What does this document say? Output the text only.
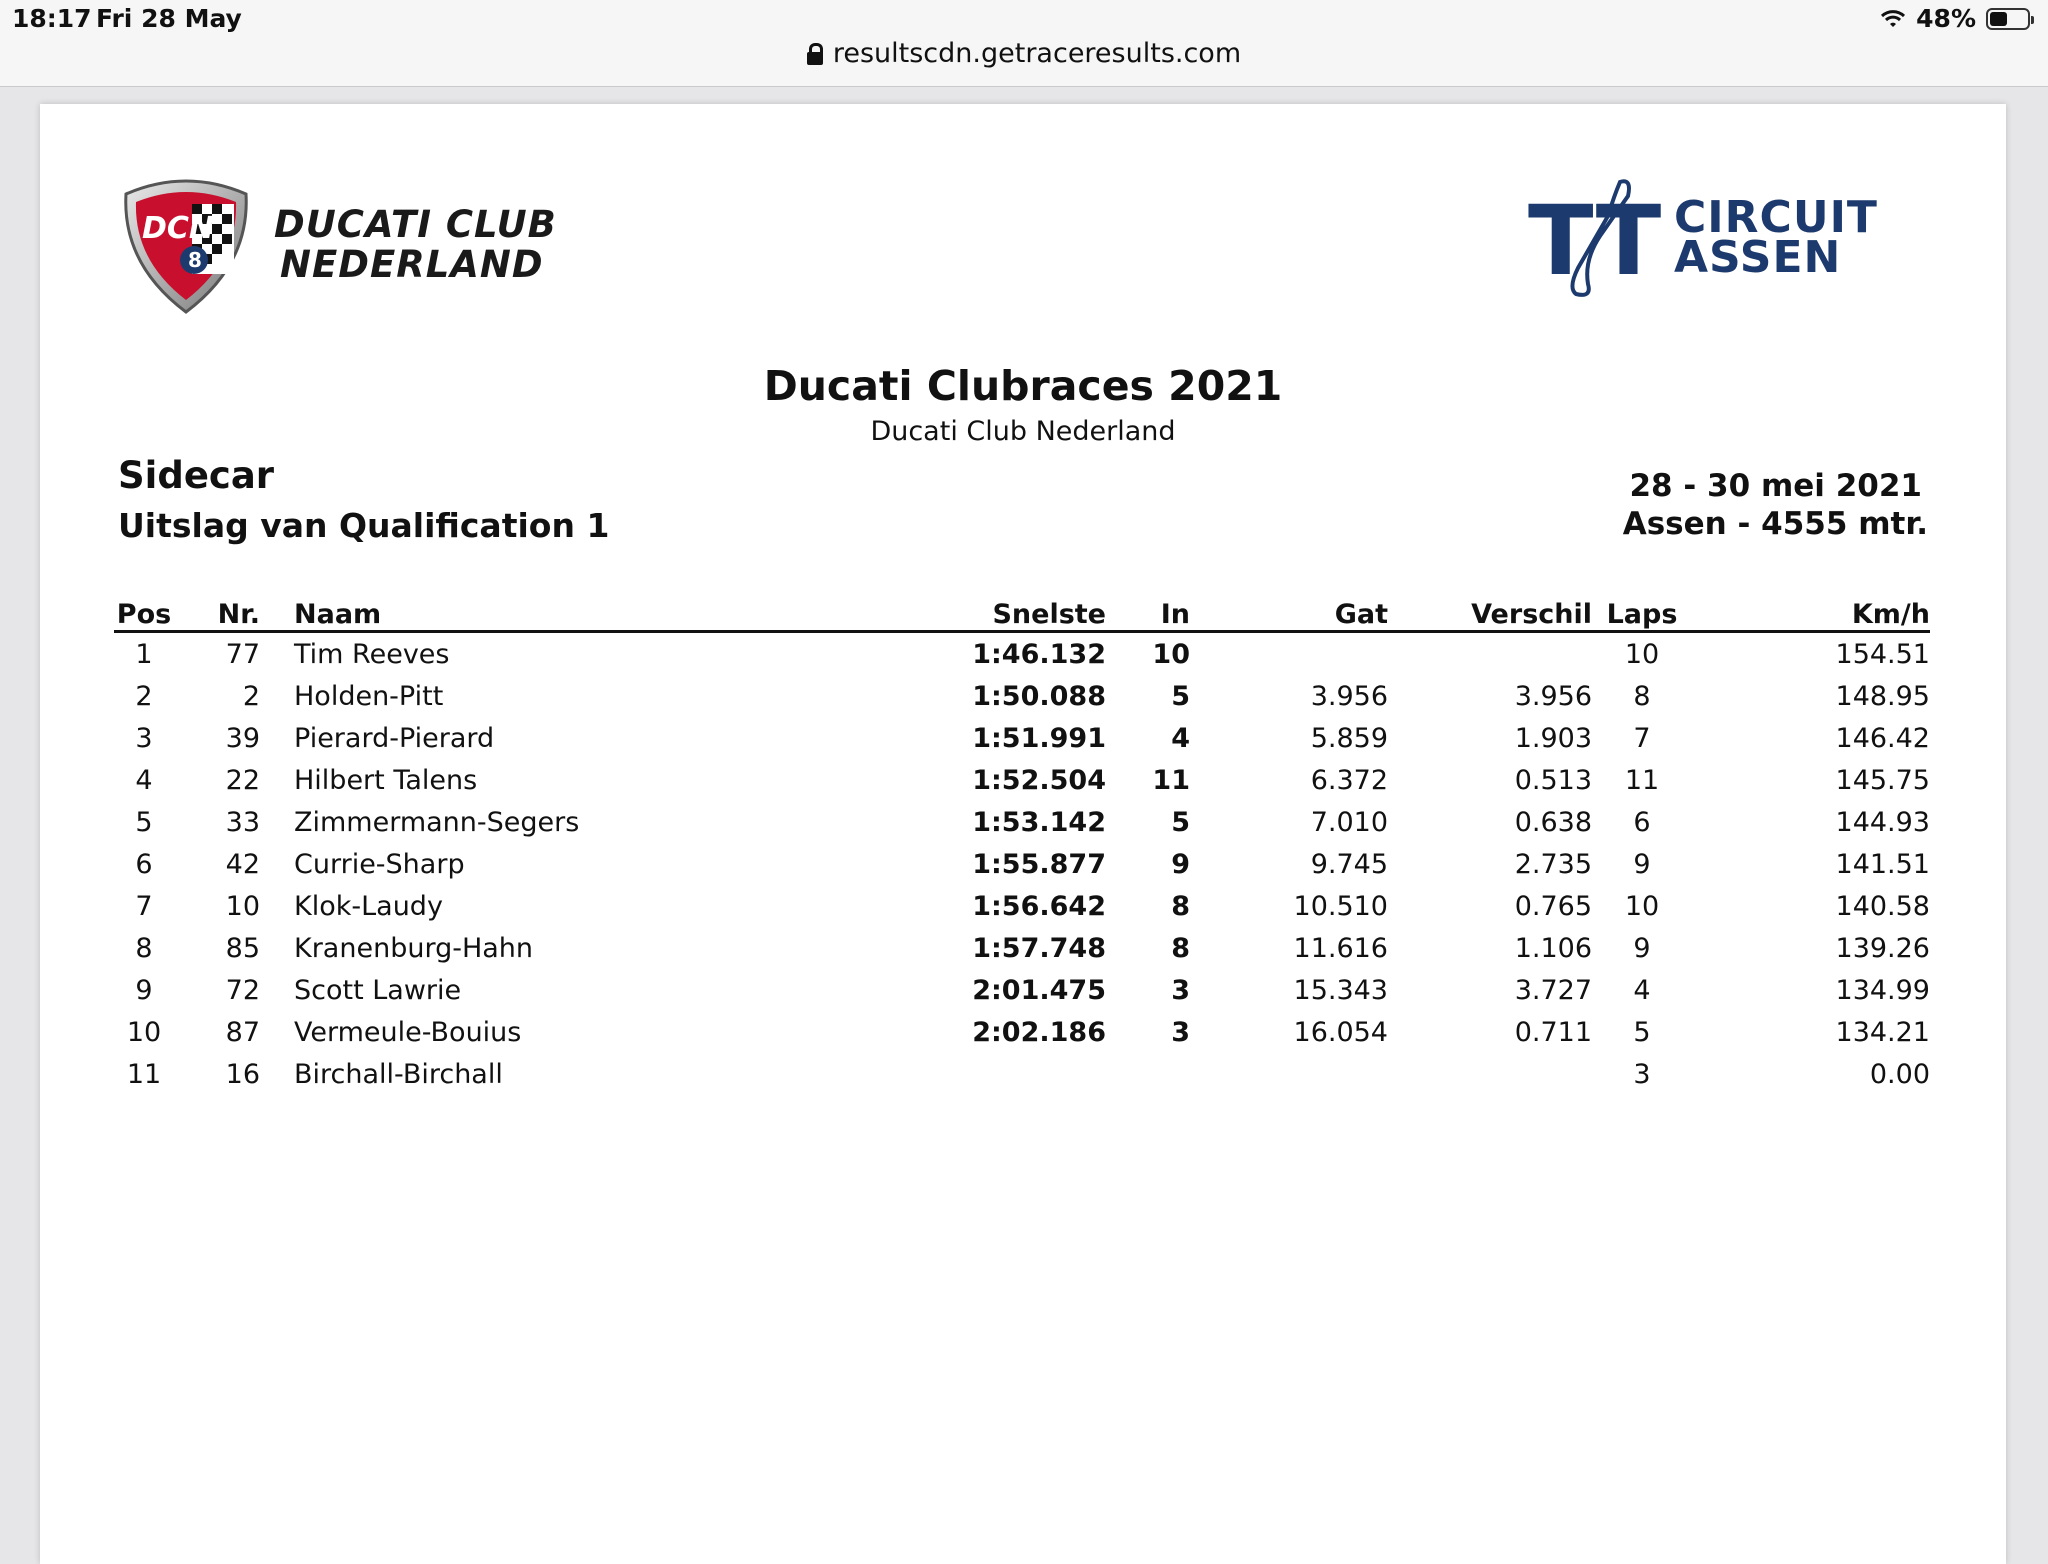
18:17 Fri 28 May	48%
resultscdn.getraceresults.com
8
DCN DUCATI CLUB
NEDERLAND	TT CIRCUIT
ASSEN
Ducati Clubraces 2021
Ducati Club Nederland
Sidecar
Uitslag van Qualification 1
28 - 30 mei 2021
Assen - 4555 mtr.
Pos	Nr.	Naam	Snelste	In	Gat	Verschil	Laps	Km/h
1	77	Tim Reeves	1:46.132	10			10	154.51
2	2	Holden-Pitt	1:50.088	5	3.956	3.956	8	148.95
3	39	Pierard-Pierard	1:51.991	4	5.859	1.903	7	146.42
4	22	Hilbert Talens	1:52.504	11	6.372	0.513	11	145.75
5	33	Zimmermann-Segers	1:53.142	5	7.010	0.638	6	144.93
6	42	Currie-Sharp	1:55.877	9	9.745	2.735	9	141.51
7	10	Klok-Laudy	1:56.642	8	10.510	0.765	10	140.58
8	85	Kranenburg-Hahn	1:57.748	8	11.616	1.106	9	139.26
9	72	Scott Lawrie	2:01.475	3	15.343	3.727	4	134.99
10	87	Vermeule-Bouius	2:02.186	3	16.054	0.711	5	134.21
11	16	Birchall-Birchall					3	0.00
